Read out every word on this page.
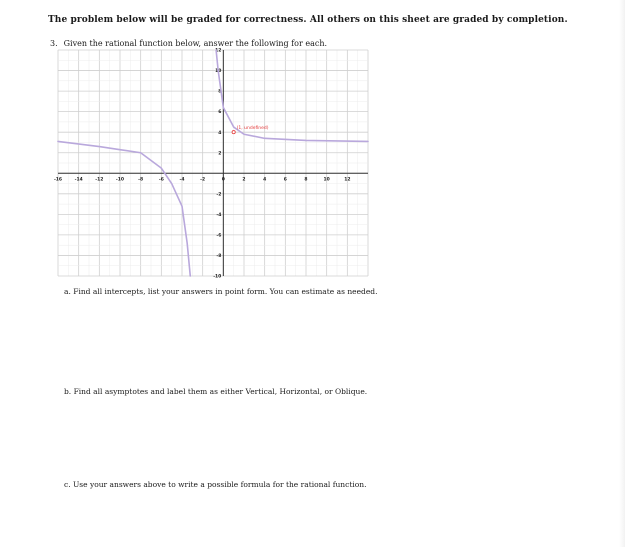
The problem below will be graded for correctness. All others on this sheet are graded by completion.
3. Given the rational function below, answer the following for each.
-16	-14	-12	-10	-8	-6	-4	-2	0	2	4	6	8	10	12
12
10
8
6
4
2
-2
-4
-6
-8
-10
(1, undefined)
a. Find all intercepts, list your answers in point form. You can estimate as needed.
b. Find all asymptotes and label them as either Vertical, Horizontal, or Oblique.
c. Use your answers above to write a possible formula for the rational function.
